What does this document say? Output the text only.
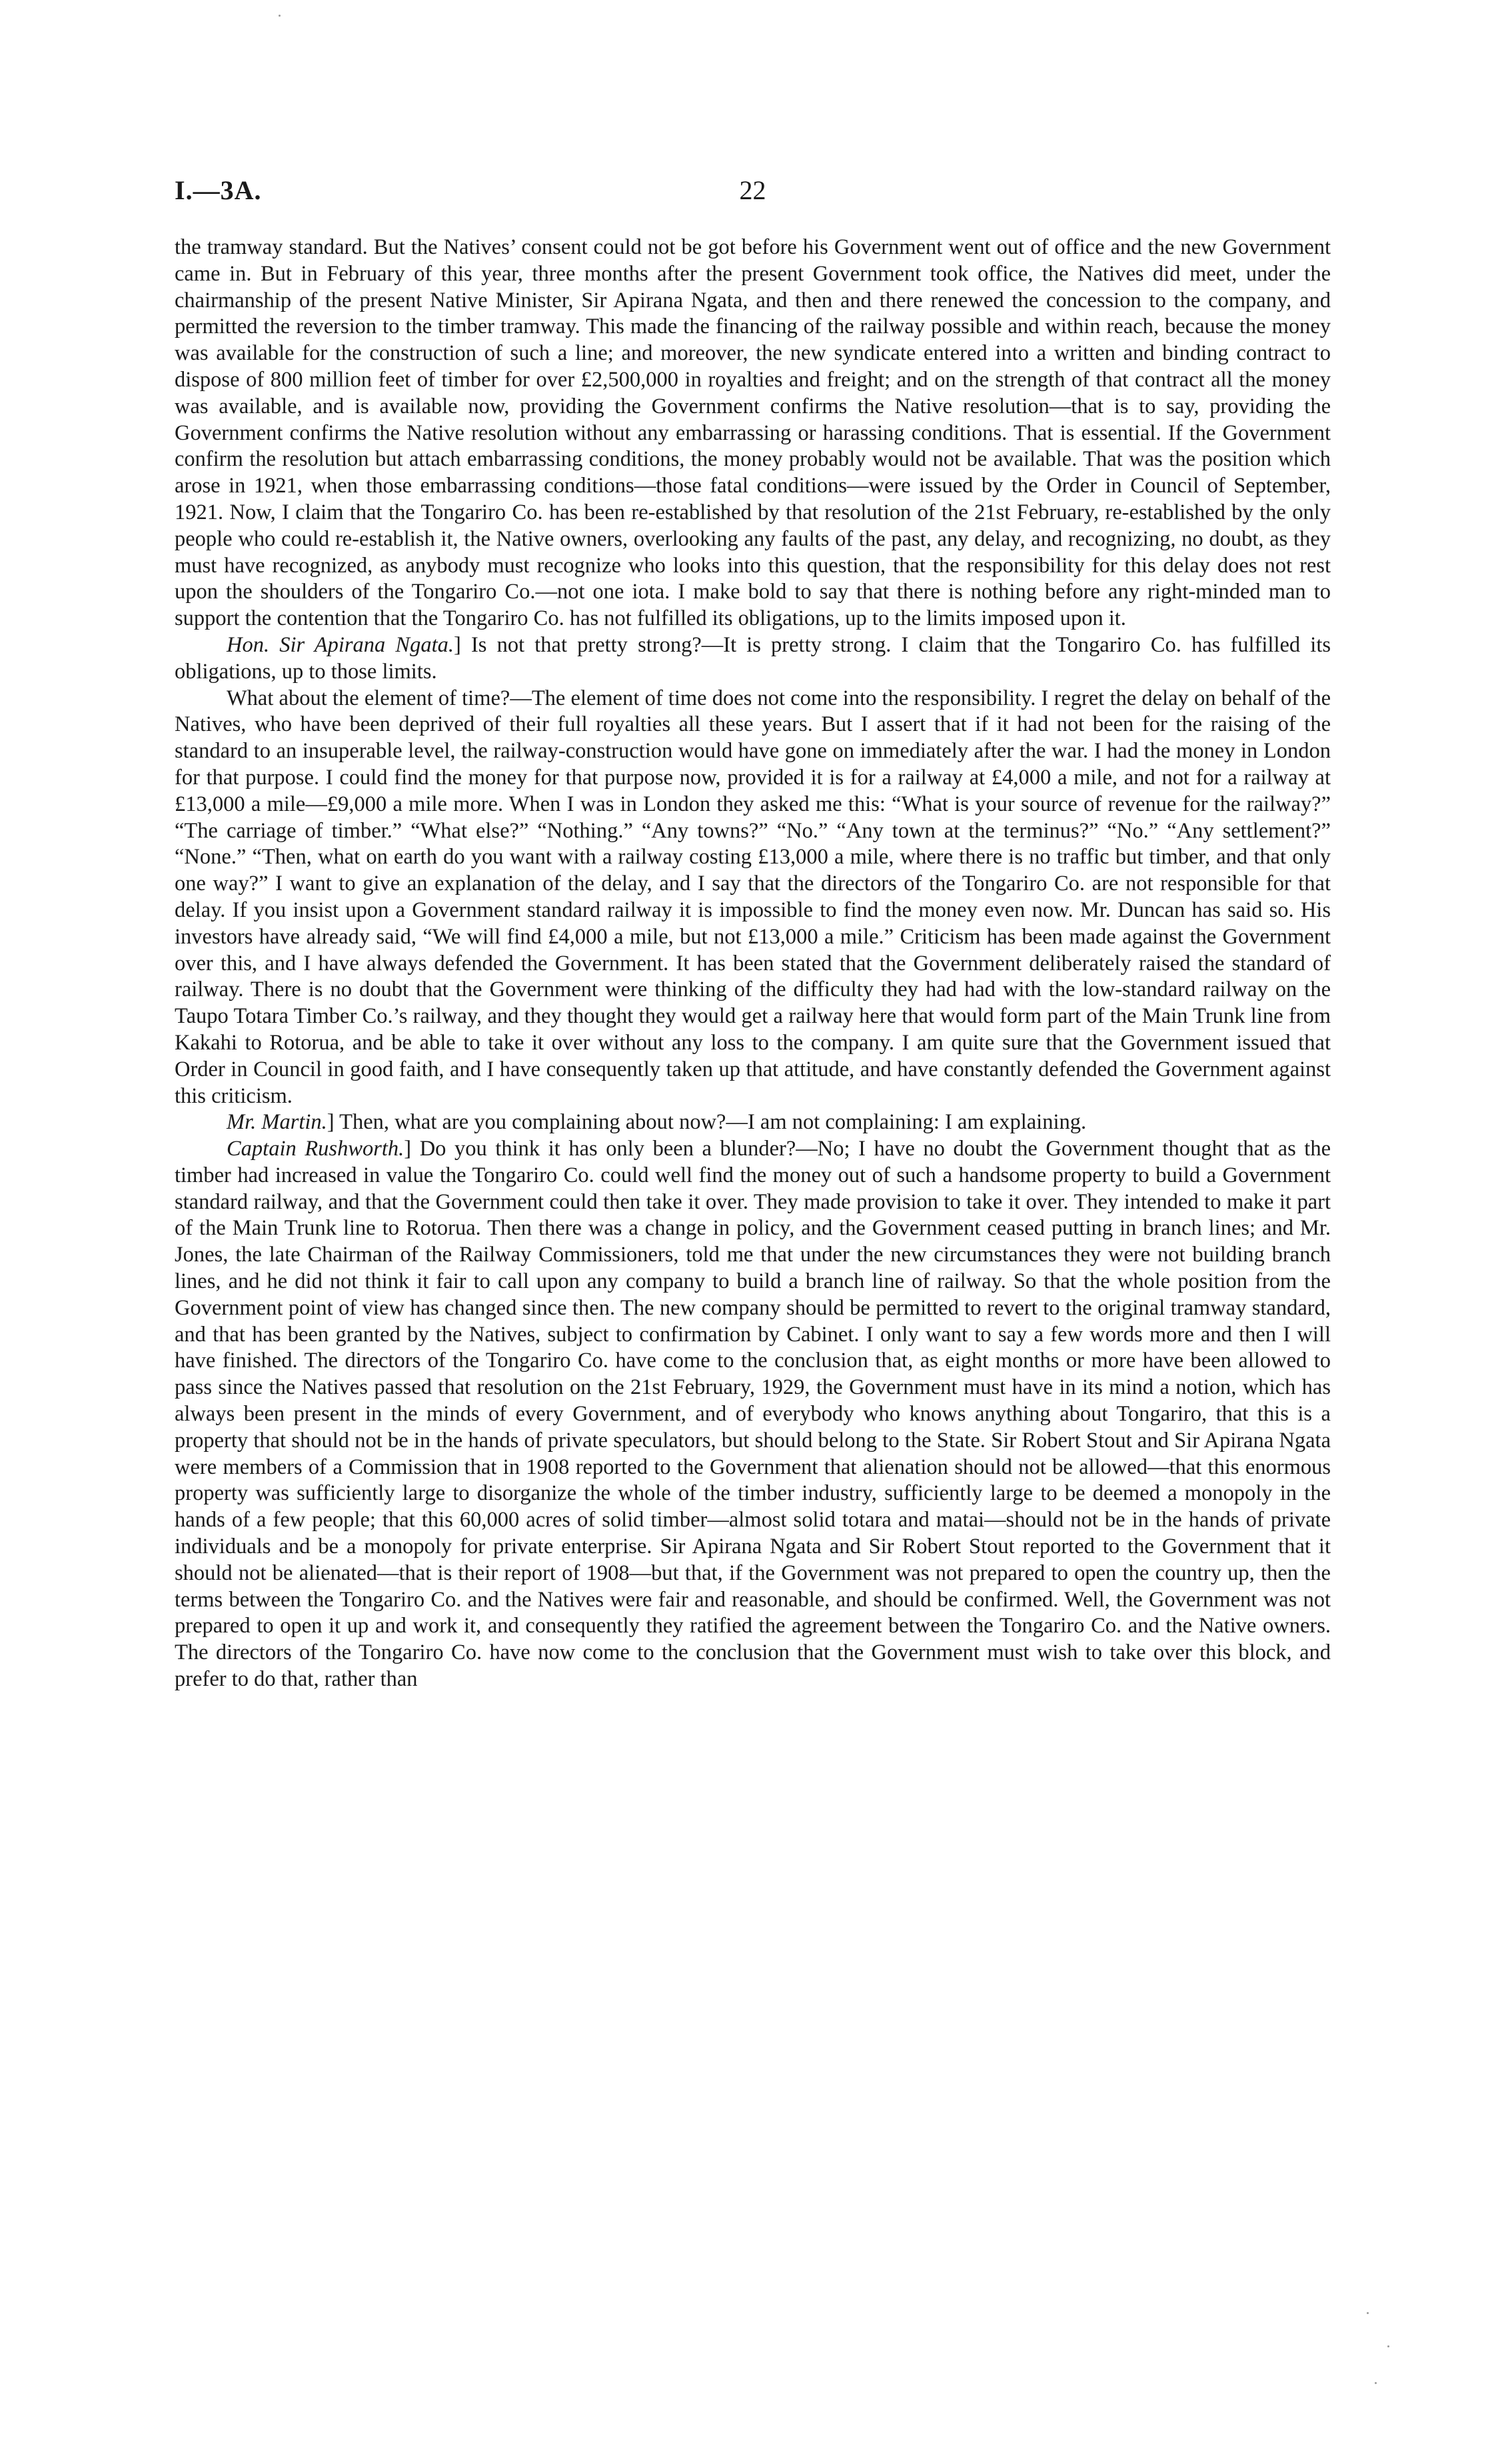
I.—3A.	22

the tramway standard. But the Natives’ consent could not be got before his Government went out of office and the new Government came in. But in February of this year, three months after the present Government took office, the Natives did meet, under the chairmanship of the present Native Minister, Sir Apirana Ngata, and then and there renewed the concession to the company, and permitted the reversion to the timber tramway. This made the financing of the railway possible and within reach, because the money was available for the construction of such a line; and moreover, the new syndicate entered into a written and binding contract to dispose of 800 million feet of timber for over £2,500,000 in royalties and freight; and on the strength of that contract all the money was available, and is available now, providing the Government confirms the Native resolution—that is to say, providing the Government confirms the Native resolution without any embarrassing or harassing conditions. That is essential. If the Government confirm the resolution but attach embarrassing conditions, the money probably would not be available. That was the position which arose in 1921, when those embarrassing conditions—those fatal conditions—were issued by the Order in Council of September, 1921. Now, I claim that the Tongariro Co. has been re-established by that resolution of the 21st February, re-established by the only people who could re-establish it, the Native owners, overlooking any faults of the past, any delay, and recognizing, no doubt, as they must have recognized, as anybody must recognize who looks into this question, that the responsibility for this delay does not rest upon the shoulders of the Tongariro Co.—not one iota. I make bold to say that there is nothing before any right-minded man to support the contention that the Tongariro Co. has not fulfilled its obligations, up to the limits imposed upon it.

Hon. Sir Apirana Ngata.] Is not that pretty strong?—It is pretty strong. I claim that the Tongariro Co. has fulfilled its obligations, up to those limits.

What about the element of time?—The element of time does not come into the responsibility. I regret the delay on behalf of the Natives, who have been deprived of their full royalties all these years. But I assert that if it had not been for the raising of the standard to an insuperable level, the railway-construction would have gone on immediately after the war. I had the money in London for that purpose. I could find the money for that purpose now, provided it is for a railway at £4,000 a mile, and not for a railway at £13,000 a mile—£9,000 a mile more. When I was in London they asked me this: “What is your source of revenue for the railway?” “The carriage of timber.” “What else?” “Nothing.” “Any towns?” “No.” “Any town at the terminus?” “No.” “Any settlement?” “None.” “Then, what on earth do you want with a railway costing £13,000 a mile, where there is no traffic but timber, and that only one way?” I want to give an explanation of the delay, and I say that the directors of the Tongariro Co. are not responsible for that delay. If you insist upon a Government standard railway it is impossible to find the money even now. Mr. Duncan has said so. His investors have already said, “We will find £4,000 a mile, but not £13,000 a mile.” Criticism has been made against the Government over this, and I have always defended the Government. It has been stated that the Government deliberately raised the standard of railway. There is no doubt that the Government were thinking of the difficulty they had had with the low-standard railway on the Taupo Totara Timber Co.’s railway, and they thought they would get a railway here that would form part of the Main Trunk line from Kakahi to Rotorua, and be able to take it over without any loss to the company. I am quite sure that the Government issued that Order in Council in good faith, and I have consequently taken up that attitude, and have constantly defended the Government against this criticism.

Mr. Martin.] Then, what are you complaining about now?—I am not complaining: I am explaining.

Captain Rushworth.] Do you think it has only been a blunder?—No; I have no doubt the Government thought that as the timber had increased in value the Tongariro Co. could well find the money out of such a handsome property to build a Government standard railway, and that the Government could then take it over. They made provision to take it over. They intended to make it part of the Main Trunk line to Rotorua. Then there was a change in policy, and the Government ceased putting in branch lines; and Mr. Jones, the late Chairman of the Railway Commissioners, told me that under the new circumstances they were not building branch lines, and he did not think it fair to call upon any company to build a branch line of railway. So that the whole position from the Government point of view has changed since then. The new company should be permitted to revert to the original tramway standard, and that has been granted by the Natives, subject to confirmation by Cabinet. I only want to say a few words more and then I will have finished. The directors of the Tongariro Co. have come to the conclusion that, as eight months or more have been allowed to pass since the Natives passed that resolution on the 21st February, 1929, the Government must have in its mind a notion, which has always been present in the minds of every Government, and of everybody who knows anything about Tongariro, that this is a property that should not be in the hands of private speculators, but should belong to the State. Sir Robert Stout and Sir Apirana Ngata were members of a Commission that in 1908 reported to the Government that alienation should not be allowed—that this enormous property was sufficiently large to disorganize the whole of the timber industry, sufficiently large to be deemed a monopoly in the hands of a few people; that this 60,000 acres of solid timber—almost solid totara and matai—should not be in the hands of private individuals and be a monopoly for private enterprise. Sir Apirana Ngata and Sir Robert Stout reported to the Government that it should not be alienated—that is their report of 1908—but that, if the Government was not prepared to open the country up, then the terms between the Tongariro Co. and the Natives were fair and reasonable, and should be confirmed. Well, the Government was not prepared to open it up and work it, and consequently they ratified the agreement between the Tongariro Co. and the Native owners. The directors of the Tongariro Co. have now come to the conclusion that the Government must wish to take over this block, and prefer to do that, rather than
